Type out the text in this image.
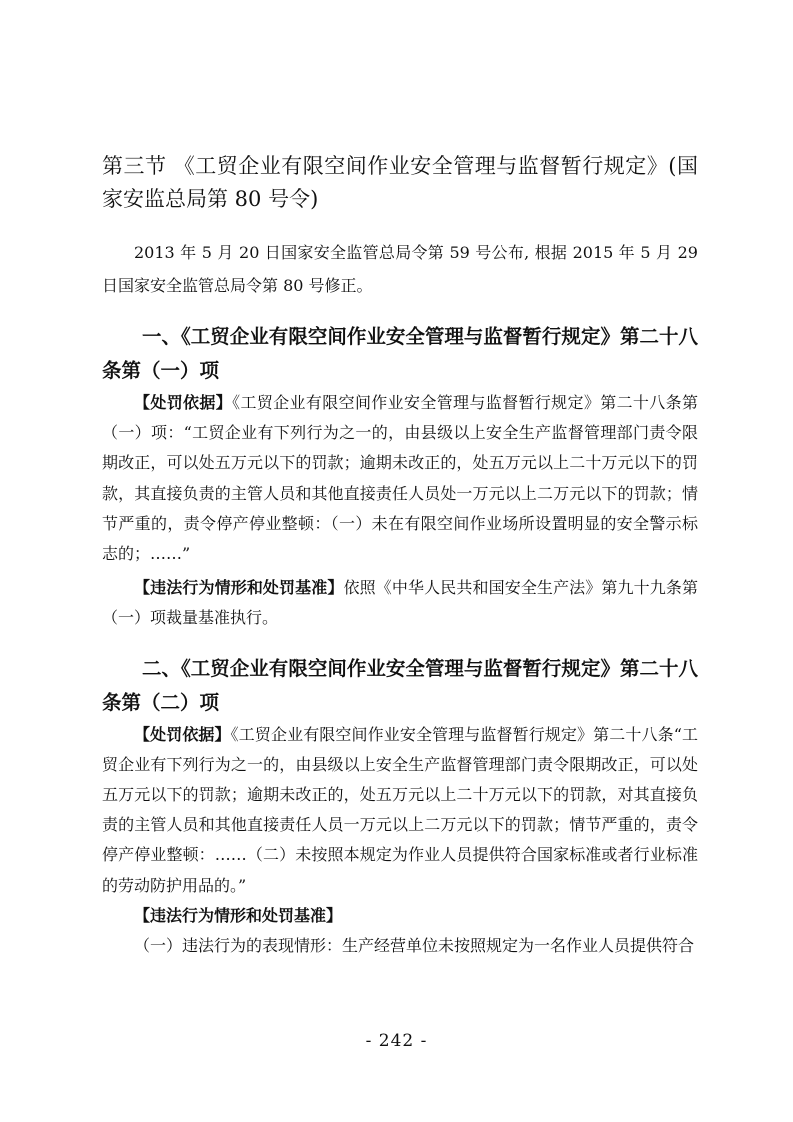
第三节 《工贸企业有限空间作业安全管理与监督暂行规定》(国家安监总局第 80 号令)

2013 年 5 月 20 日国家安全监管总局令第 59 号公布, 根据 2015 年 5 月 29 日国家安全监管总局令第 80 号修正。

一、《工贸企业有限空间作业安全管理与监督暂行规定》第二十八条第（一）项

【处罚依据】《工贸企业有限空间作业安全管理与监督暂行规定》第二十八条第（一）项：“工贸企业有下列行为之一的，由县级以上安全生产监督管理部门责令限期改正，可以处五万元以下的罚款；逾期未改正的，处五万元以上二十万元以下的罚款，其直接负责的主管人员和其他直接责任人员处一万元以上二万元以下的罚款；情节严重的，责令停产停业整顿：（一）未在有限空间作业场所设置明显的安全警示标志的；……”

【违法行为情形和处罚基准】依照《中华人民共和国安全生产法》第九十九条第（一）项裁量基准执行。

二、《工贸企业有限空间作业安全管理与监督暂行规定》第二十八条第（二）项

【处罚依据】《工贸企业有限空间作业安全管理与监督暂行规定》第二十八条“工贸企业有下列行为之一的，由县级以上安全生产监督管理部门责令限期改正，可以处五万元以下的罚款；逾期未改正的，处五万元以上二十万元以下的罚款，对其直接负责的主管人员和其他直接责任人员一万元以上二万元以下的罚款；情节严重的，责令停产停业整顿：……（二）未按照本规定为作业人员提供符合国家标准或者行业标准的劳动防护用品的。”

【违法行为情形和处罚基准】

（一）违法行为的表现情形：生产经营单位未按照规定为一名作业人员提供符合

- 242 -
